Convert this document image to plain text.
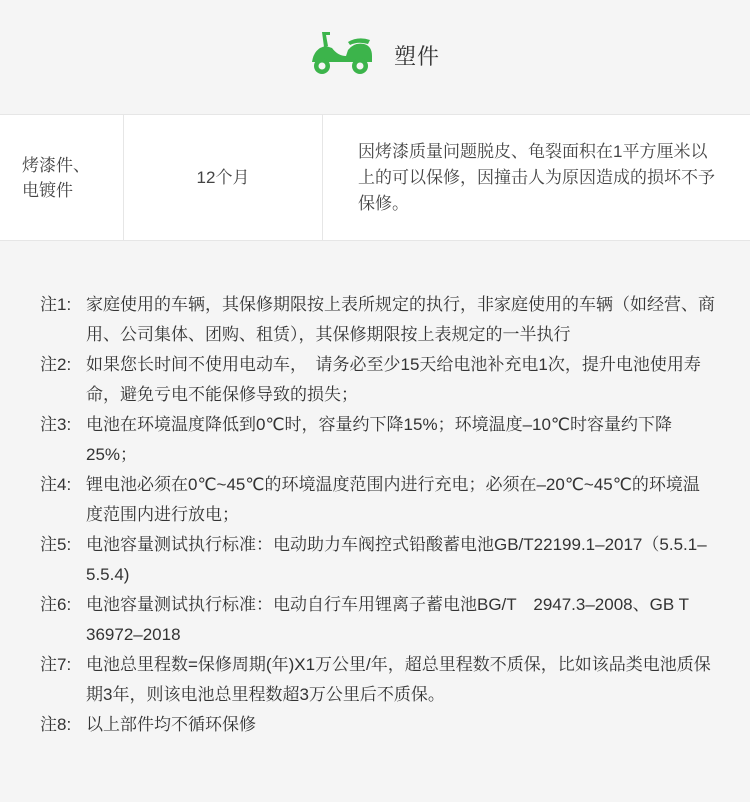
塑件
烤漆件、电镀件
12个月
因烤漆质量问题脱皮、龟裂面积在1平方厘米以上的可以保修，因撞击人为原因造成的损坏不予保修。
注1: 家庭使用的车辆，其保修期限按上表所规定的执行，非家庭使用的车辆（如经营、商用、公司集体、团购、租赁），其保修期限按上表规定的一半执行
注2: 如果您长时间不使用电动车，　请务必至少15天给电池补充电1次，提升电池使用寿命，避免亏电不能保修导致的损失；
注3: 电池在环境温度降低到0℃时，容量约下降15%；环境温度–10℃时容量约下降25%；
注4: 锂电池必须在0℃~45℃的环境温度范围内进行充电；必须在–20℃~45℃的环境温度范围内进行放电；
注5: 电池容量测试执行标准：电动助力车阀控式铅酸蓄电池GB/T22199.1–2017（5.5.1–5.5.4)
注6: 电池容量测试执行标准：电动自行车用锂离子蓄电池BG/T　2947.3–2008、GB T 36972–2018
注7: 电池总里程数=保修周期(年)X1万公里/年，超总里程数不质保，比如该品类电池质保期3年，则该电池总里程数超3万公里后不质保。
注8: 以上部件均不循环保修
